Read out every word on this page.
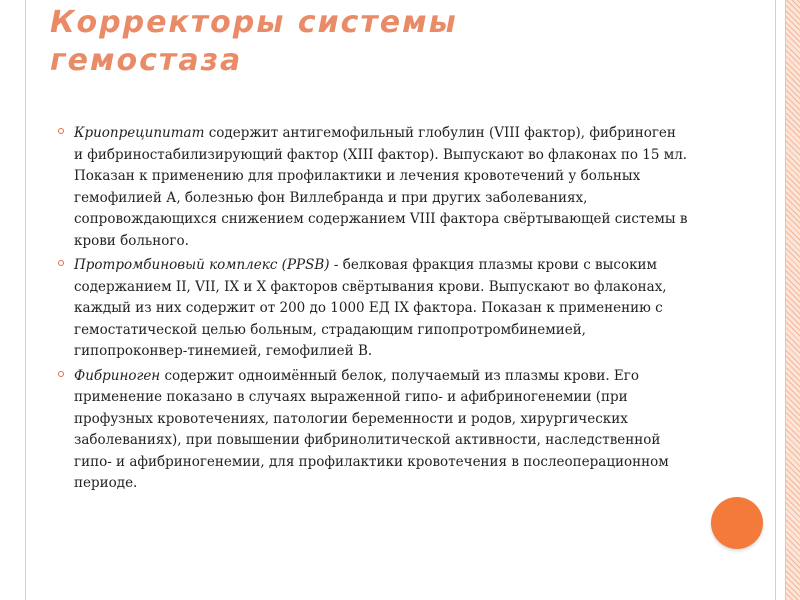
Корректоры системы
гемостаза
Криопреципитат содержит антигемофильный глобулин (VIII фактор), фибриноген и фибриностабилизирующий фактор (XIII фактор). Выпускают во флаконах по 15 мл. Показан к применению для профилактики и лечения кровотечений у больных гемофилией А, болезнью фон Виллебранда и при других заболеваниях, сопровождающихся снижением содержанием VIII фактора свёртывающей системы в крови больного.
Протромбиновый комплекс (PPSB) - белковая фракция плазмы крови с высоким содержанием II, VII, IX и X факторов свёртывания крови. Выпускают во флаконах, каждый из них содержит от 200 до 1000 ЕД IX фактора. Показан к применению с гемостатической целью больным, страдающим гипопротромбинемией, гипопроконвер-тинемией, гемофилией В.
Фибриноген содержит одноимённый белок, получаемый из плазмы крови. Его применение показано в случаях выраженной гипо- и афибриногенемии (при профузных кровотечениях, патологии беременности и родов, хирургических заболеваниях), при повышении фибринолитической активности, наследственной гипо- и афибриногенемии, для профилактики кровотечения в послеоперационном периоде.
